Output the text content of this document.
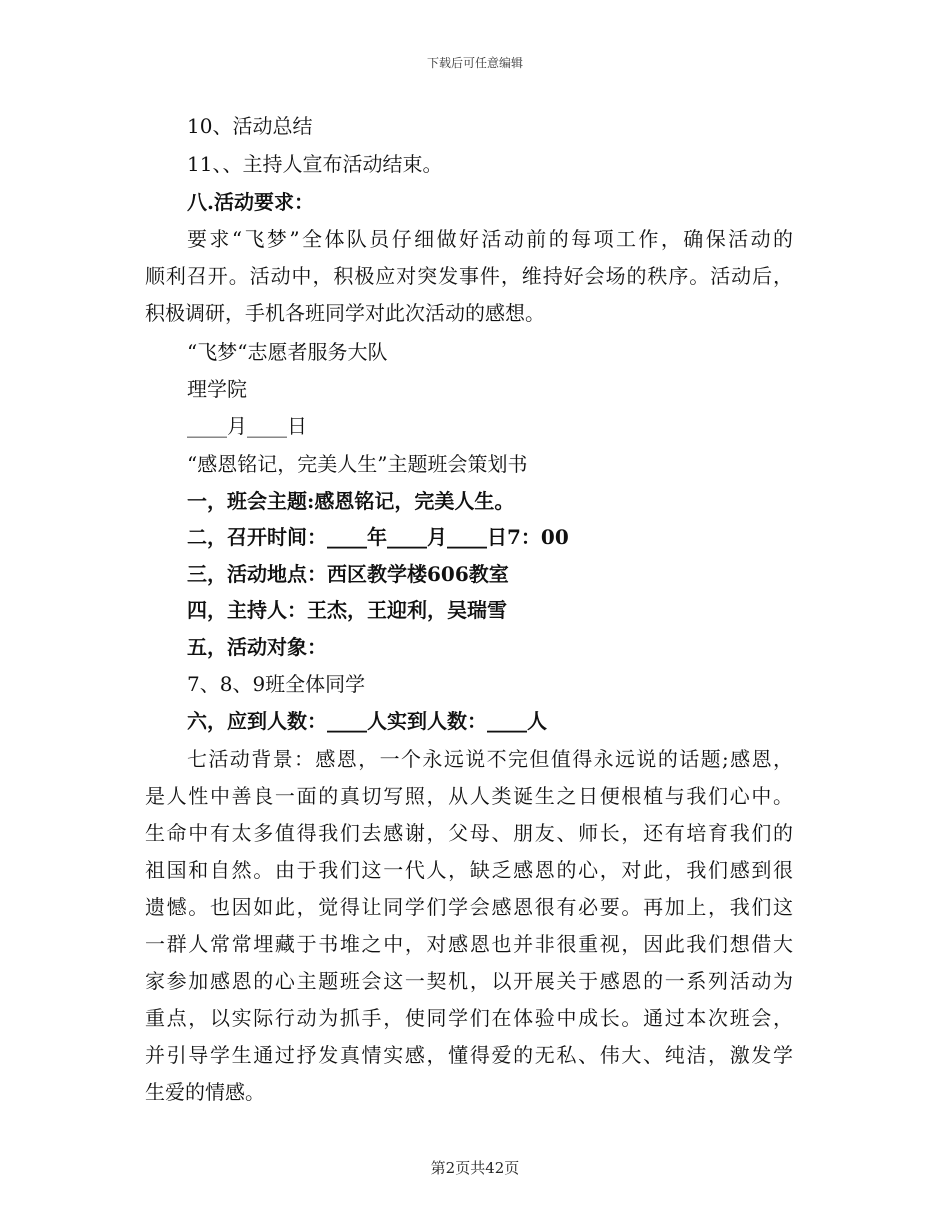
下载后可任意编辑
10、活动总结
11、、主持人宣布活动结束。
八.活动要求：
要求“飞梦”全体队员仔细做好活动前的每项工作，确保活动的
顺利召开。活动中，积极应对突发事件，维持好会场的秩序。活动后，
积极调研，手机各班同学对此次活动的感想。
“飞梦“志愿者服务大队
理学院
____月____日
“感恩铭记，完美人生”主题班会策划书
一，班会主题:感恩铭记，完美人生。
二，召开时间：____年____月____日7：00
三，活动地点：西区教学楼606教室
四，主持人：王杰，王迎利，吴瑞雪
五，活动对象：
7、8、9班全体同学
六，应到人数：____人实到人数：____人
七活动背景：感恩，一个永远说不完但值得永远说的话题;感恩，
是人性中善良一面的真切写照，从人类诞生之日便根植与我们心中。
生命中有太多值得我们去感谢，父母、朋友、师长，还有培育我们的
祖国和自然。由于我们这一代人，缺乏感恩的心，对此，我们感到很
遗憾。也因如此，觉得让同学们学会感恩很有必要。再加上，我们这
一群人常常埋藏于书堆之中，对感恩也并非很重视，因此我们想借大
家参加感恩的心主题班会这一契机，以开展关于感恩的一系列活动为
重点，以实际行动为抓手，使同学们在体验中成长。通过本次班会，
并引导学生通过抒发真情实感，懂得爱的无私、伟大、纯洁，激发学
生爱的情感。
第2页共42页
